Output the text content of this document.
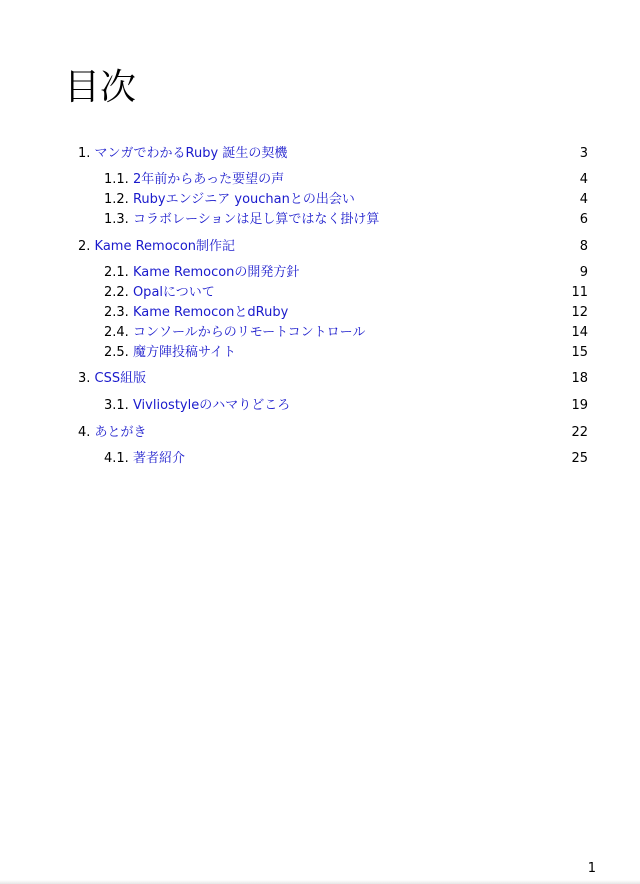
目次
1. マンガでわかるRuby 誕生の契機	3
1.1. 2年前からあった要望の声	4
1.2. Rubyエンジニア youchanとの出会い	4
1.3. コラボレーションは足し算ではなく掛け算	6
2. Kame Remocon制作記	8
2.1. Kame Remoconの開発方針	9
2.2. Opalについて	11
2.3. Kame RemoconとdRuby	12
2.4. コンソールからのリモートコントロール	14
2.5. 魔方陣投稿サイト	15
3. CSS組版	18
3.1. Vivliostyleのハマりどころ	19
4. あとがき	22
4.1. 著者紹介	25
1
